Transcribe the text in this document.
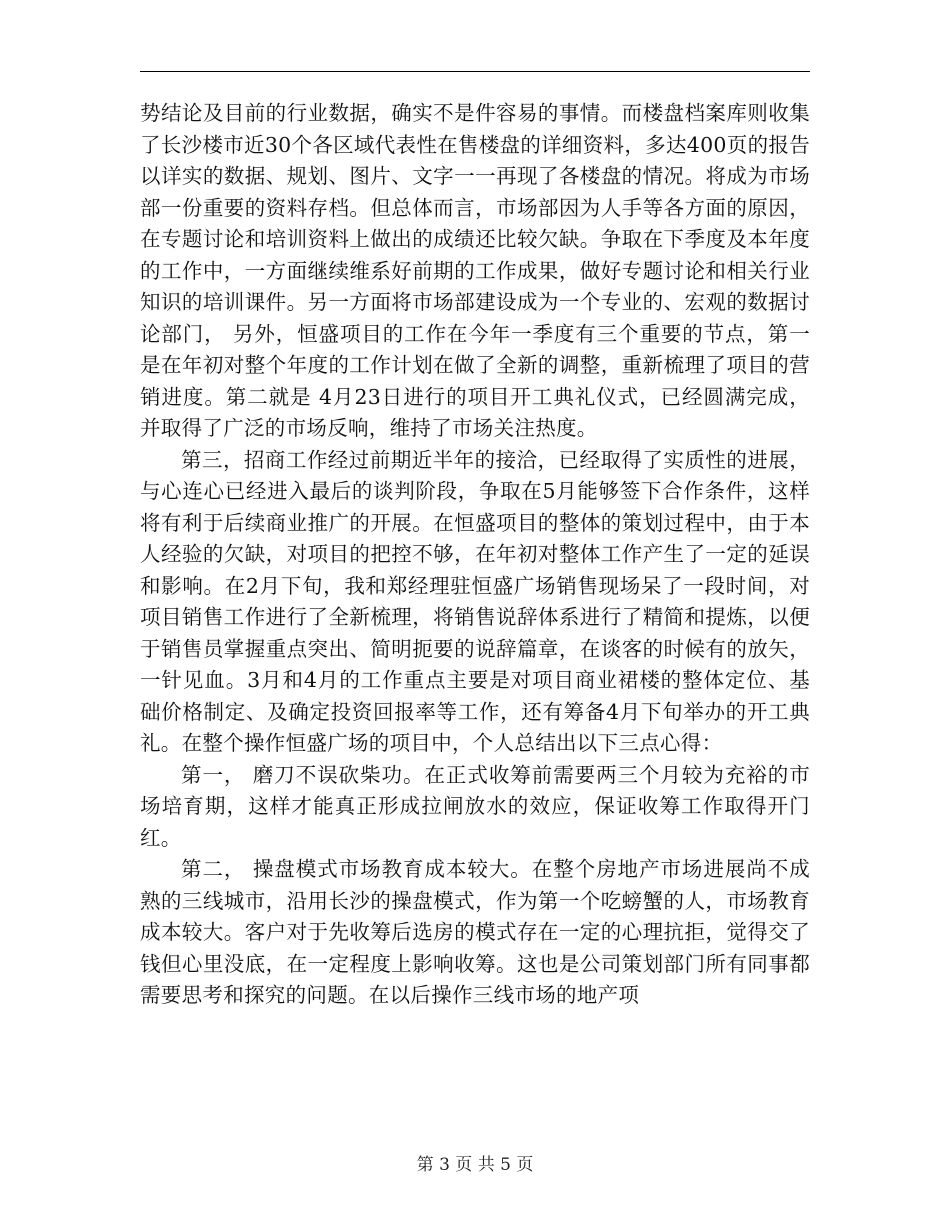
势结论及目前的行业数据，确实不是件容易的事情。而楼盘档案库则收集了长沙楼市近30个各区域代表性在售楼盘的详细资料，多达400页的报告以详实的数据、规划、图片、文字一一再现了各楼盘的情况。将成为市场部一份重要的资料存档。但总体而言，市场部因为人手等各方面的原因，在专题讨论和培训资料上做出的成绩还比较欠缺。争取在下季度及本年度的工作中，一方面继续维系好前期的工作成果，做好专题讨论和相关行业知识的培训课件。另一方面将市场部建设成为一个专业的、宏观的数据讨论部门， 另外，恒盛项目的工作在今年一季度有三个重要的节点，第一是在年初对整个年度的工作计划在做了全新的调整，重新梳理了项目的营销进度。第二就是 4月23日进行的项目开工典礼仪式，已经圆满完成，并取得了广泛的市场反响，维持了市场关注热度。

第三，招商工作经过前期近半年的接洽，已经取得了实质性的进展，与心连心已经进入最后的谈判阶段，争取在5月能够签下合作条件，这样将有利于后续商业推广的开展。在恒盛项目的整体的策划过程中，由于本人经验的欠缺，对项目的把控不够，在年初对整体工作产生了一定的延误和影响。在2月下旬，我和郑经理驻恒盛广场销售现场呆了一段时间，对项目销售工作进行了全新梳理，将销售说辞体系进行了精简和提炼，以便于销售员掌握重点突出、简明扼要的说辞篇章，在谈客的时候有的放矢，一针见血。3月和4月的工作重点主要是对项目商业裙楼的整体定位、基础价格制定、及确定投资回报率等工作，还有筹备4月下旬举办的开工典礼。在整个操作恒盛广场的项目中，个人总结出以下三点心得：

第一， 磨刀不误砍柴功。在正式收筹前需要两三个月较为充裕的市场培育期，这样才能真正形成拉闸放水的效应，保证收筹工作取得开门红。

第二， 操盘模式市场教育成本较大。在整个房地产市场进展尚不成熟的三线城市，沿用长沙的操盘模式，作为第一个吃螃蟹的人，市场教育成本较大。客户对于先收筹后选房的模式存在一定的心理抗拒，觉得交了钱但心里没底，在一定程度上影响收筹。这也是公司策划部门所有同事都需要思考和探究的问题。在以后操作三线市场的地产项

第 3 页 共 5 页
